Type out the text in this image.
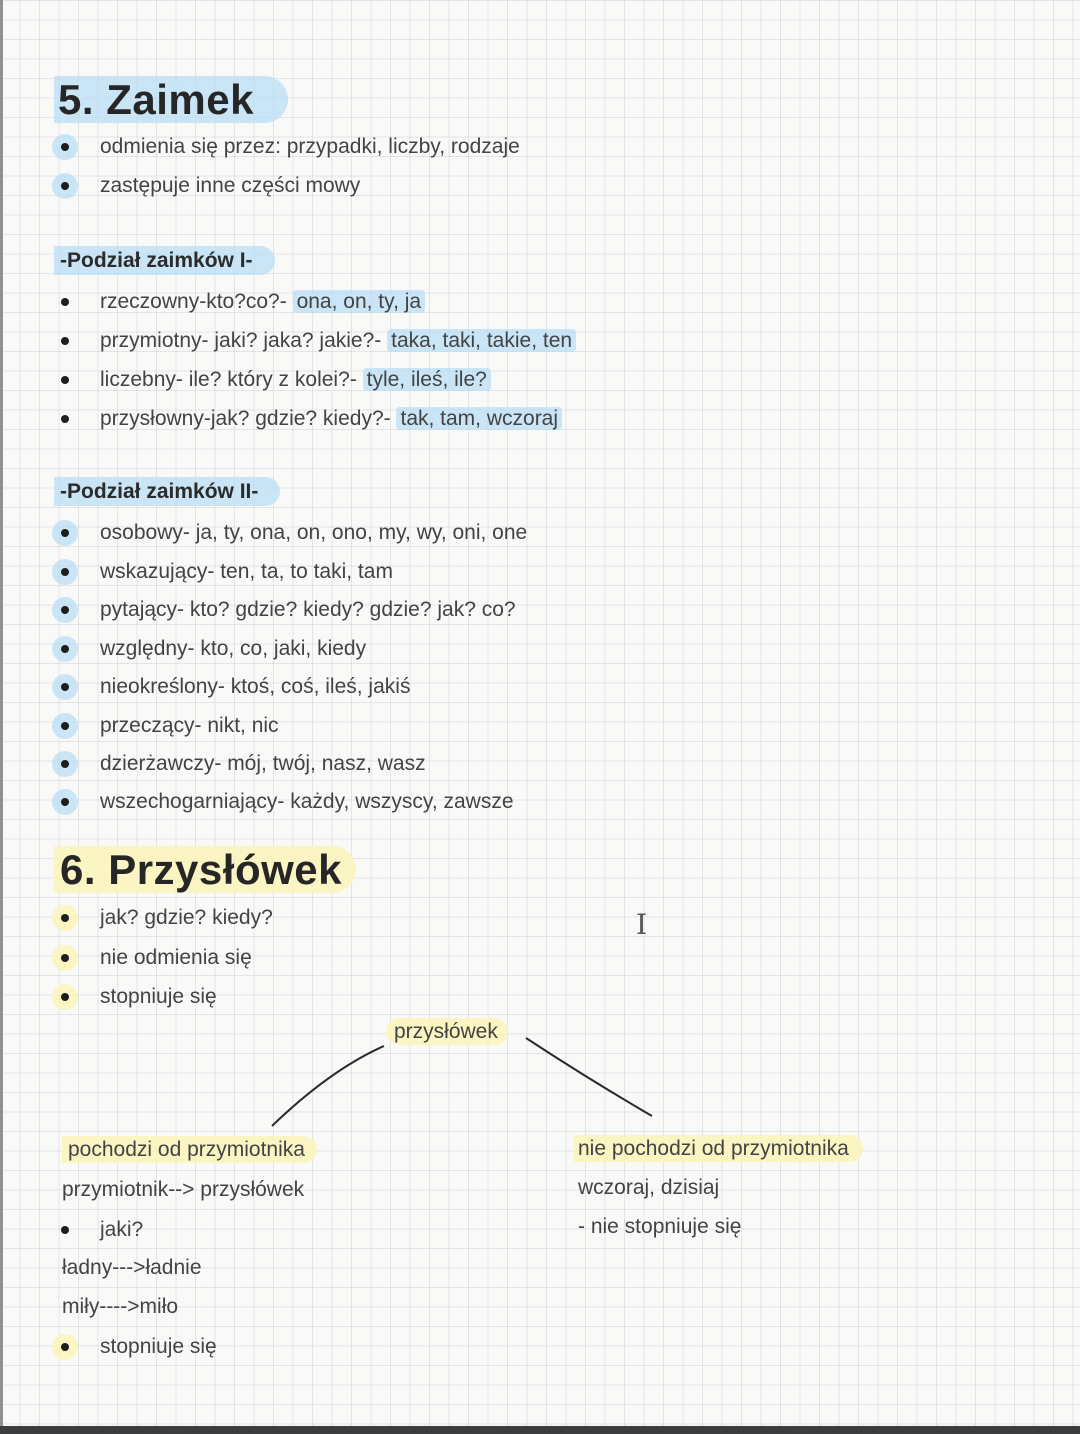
5. Zaimek
odmienia się przez: przypadki, liczby, rodzaje
zastępuje inne części mowy
-Podział zaimków I-
rzeczowny-kto?co?- ona, on, ty, ja
przymiotny- jaki? jaka? jakie?- taka, taki, takie, ten
liczebny- ile? który z kolei?- tyle, ileś, ile?
przysłowny-jak? gdzie? kiedy?- tak, tam, wczoraj
-Podział zaimków II-
osobowy- ja, ty, ona, on, ono, my, wy, oni, one
wskazujący- ten, ta, to taki, tam
pytający- kto? gdzie? kiedy? gdzie? jak? co?
względny- kto, co, jaki, kiedy
nieokreślony- ktoś, coś, ileś, jakiś
przeczący- nikt, nic
dzierżawczy- mój, twój, nasz, wasz
wszechogarniający- każdy, wszyscy, zawsze
6. Przysłówek
jak? gdzie? kiedy?
nie odmienia się
stopniuje się
I
przysłówek
pochodzi od przymiotnika
przymiotnik--> przysłówek
jaki?
ładny--->ładnie
miły---->miło
stopniuje się
nie pochodzi od przymiotnika
wczoraj, dzisiaj
- nie stopniuje się
